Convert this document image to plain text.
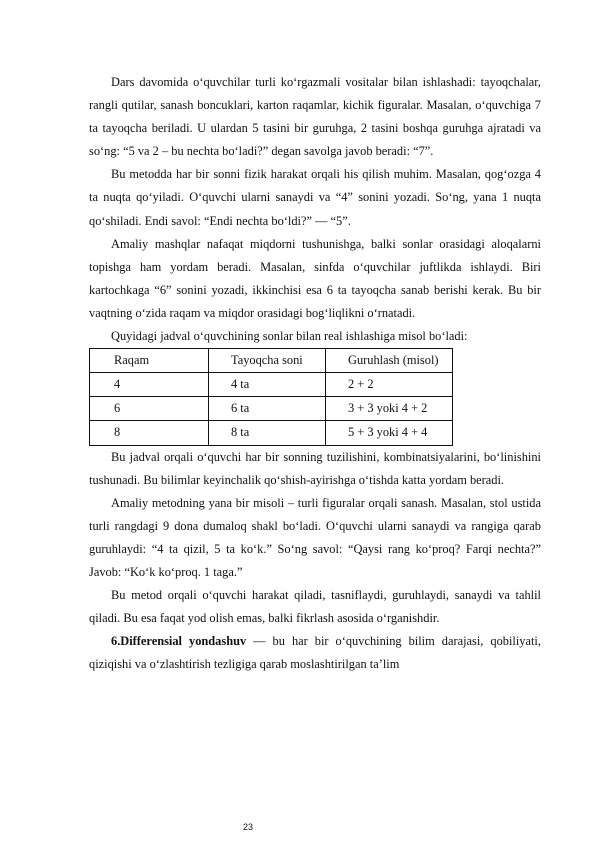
Dars davomida o‘quvchilar turli ko‘rgazmali vositalar bilan ishlashadi: tayoqchalar, rangli qutilar, sanash boncuklari, karton raqamlar, kichik figuralar. Masalan, o‘quvchiga 7 ta tayoqcha beriladi. U ulardan 5 tasini bir guruhga, 2 tasini boshqa guruhga ajratadi va so‘ng: “5 va 2 – bu nechta bo‘ladi?” degan savolga javob beradi: “7”.

Bu metodda har bir sonni fizik harakat orqali his qilish muhim. Masalan, qog‘ozga 4 ta nuqta qo‘yiladi. O‘quvchi ularni sanaydi va “4” sonini yozadi. So‘ng, yana 1 nuqta qo‘shiladi. Endi savol: “Endi nechta bo‘ldi?” — “5”.

Amaliy mashqlar nafaqat miqdorni tushunishga, balki sonlar orasidagi aloqalarni topishga ham yordam beradi. Masalan, sinfda o‘quvchilar juftlikda ishlaydi. Biri kartochkaga “6” sonini yozadi, ikkinchisi esa 6 ta tayoqcha sanab berishi kerak. Bu bir vaqtning o‘zida raqam va miqdor orasidagi bog‘liqlikni o‘rnatadi.

Quyidagi jadval o‘quvchining sonlar bilan real ishlashiga misol bo‘ladi:

Raqam	Tayoqcha soni	Guruhlash (misol)
4	4 ta	2 + 2
6	6 ta	3 + 3 yoki 4 + 2
8	8 ta	5 + 3 yoki 4 + 4

Bu jadval orqali o‘quvchi har bir sonning tuzilishini, kombinatsiyalarini, bo‘linishini tushunadi. Bu bilimlar keyinchalik qo‘shish-ayirishga o‘tishda katta yordam beradi.

Amaliy metodning yana bir misoli – turli figuralar orqali sanash. Masalan, stol ustida turli rangdagi 9 dona dumaloq shakl bo‘ladi. O‘quvchi ularni sanaydi va rangiga qarab guruhlaydi: “4 ta qizil, 5 ta ko‘k.” So‘ng savol: “Qaysi rang ko‘proq? Farqi nechta?” Javob: “Ko‘k ko‘proq. 1 taga.”

Bu metod orqali o‘quvchi harakat qiladi, tasniflaydi, guruhlaydi, sanaydi va tahlil qiladi. Bu esa faqat yod olish emas, balki fikrlash asosida o‘rganishdir.

6.Differensial yondashuv — bu har bir o‘quvchining bilim darajasi, qobiliyati, qiziqishi va o‘zlashtirish tezligiga qarab moslashtirilgan ta’lim

23
